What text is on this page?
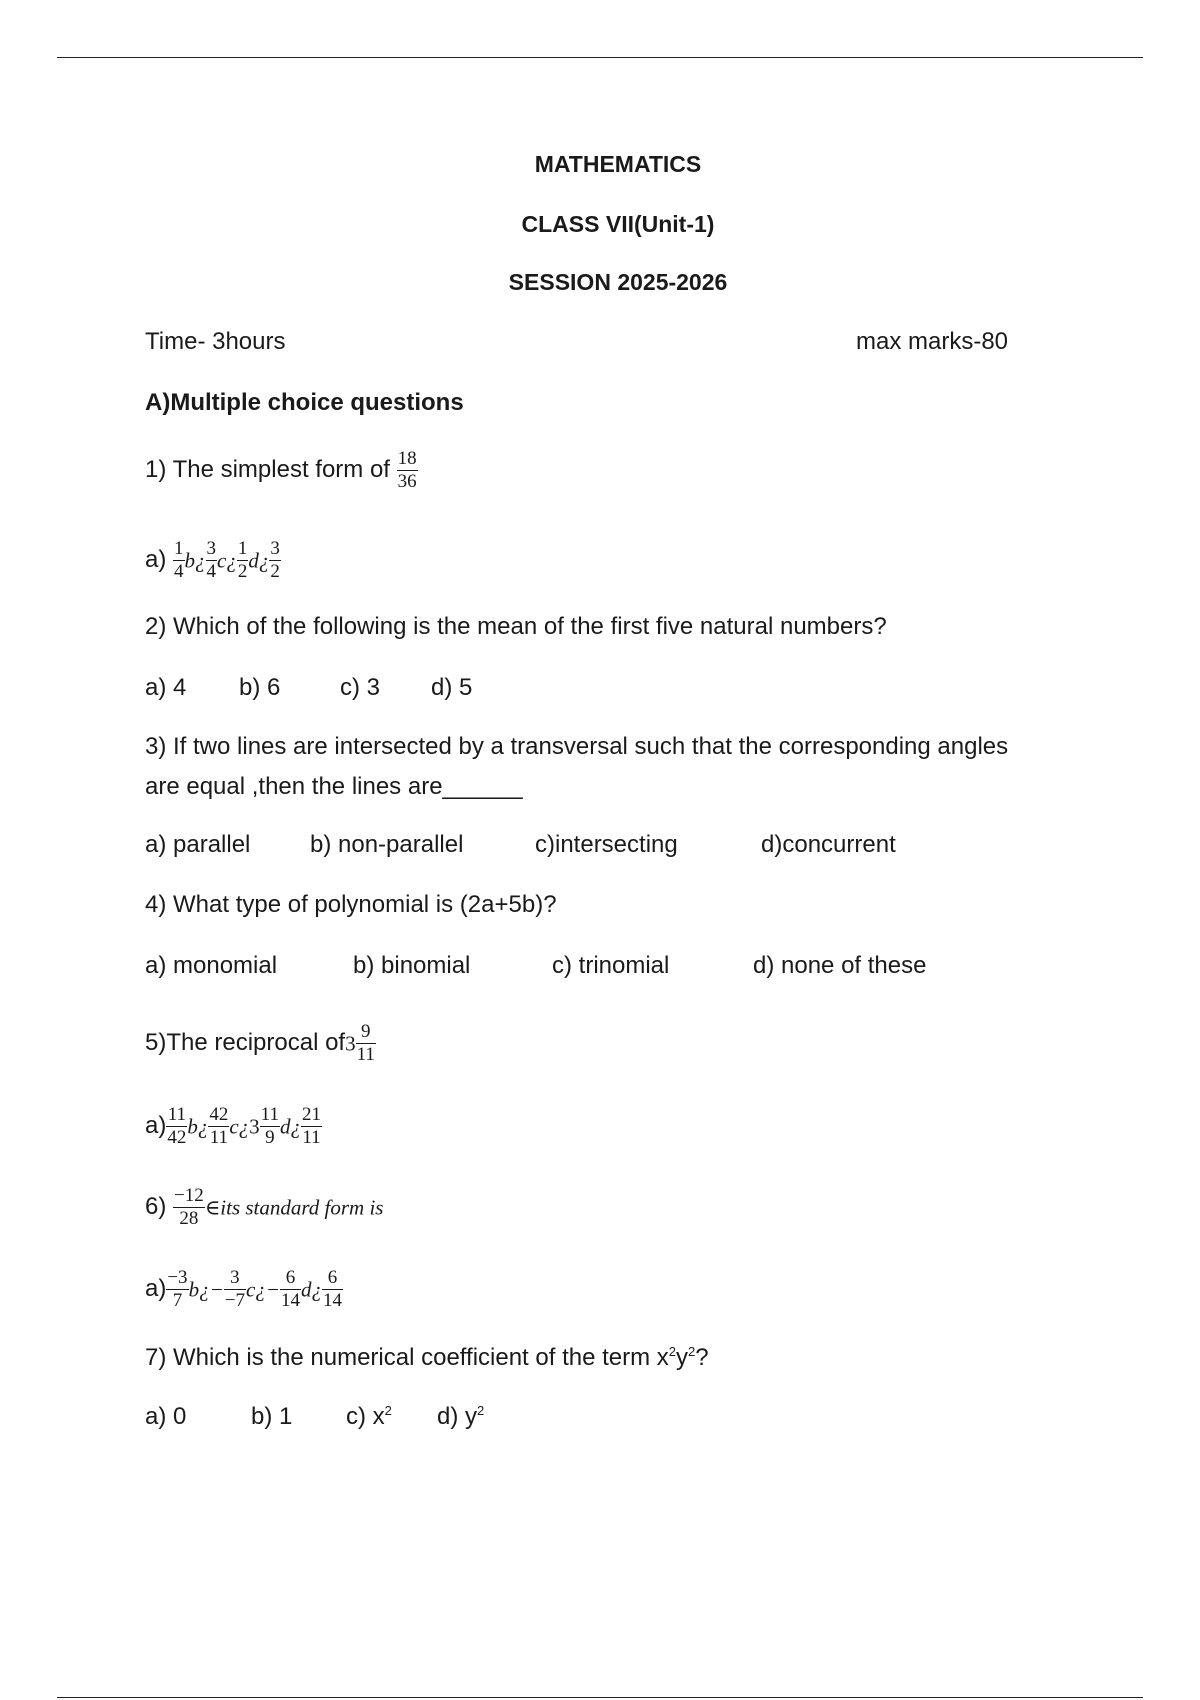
MATHEMATICS
CLASS VII(Unit-1)
SESSION 2025-2026
Time- 3hours	max marks-80
A)Multiple choice questions
1) The simplest form of $\frac{18}{36}$
$a) \frac{1}{4}$ b¿ $\frac{3}{4}$ c¿ $\frac{1}{2}$ d¿ $\frac{3}{2}$
2) Which of the following is the mean of the first five natural numbers?
a) 4 b) 6 c) 3 d) 5
3) If two lines are intersected by a transversal such that the corresponding angles
are equal ,then the lines are______
a) parallel b) non-parallel	c)intersecting	d)concurrent
4) What type of polynomial is (2a+5b)?
a) monomial	b) binomial	c) trinomial	d) none of these
5)The reciprocal $of3 \frac{9}{11}$
$a) \frac{11}{42}$ b¿ $\frac{42}{11}$ c¿3 $\frac{11}{9}$ d¿ $\frac{21}{11}$
$6) \frac{-12}{28}$ ∈its standard form is
$a) \frac{-3}{7}$ b¿− $\frac{3}{-7}$ c¿− $\frac{6}{14}$ d¿ $\frac{6}{14}$
7) Which is the numerical coefficient of the term $x^2y^2$?
a) 0	b) 1 c) $x^2$ d) $y^2$
